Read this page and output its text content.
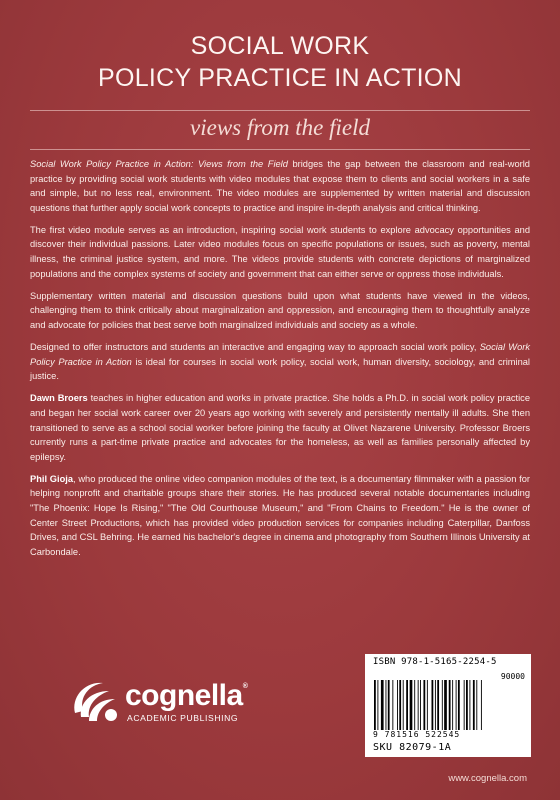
SOCIAL WORK
POLICY PRACTICE IN ACTION
views from the field

Social Work Policy Practice in Action: Views from the Field bridges the gap between the classroom and real-world practice by providing social work students with video modules that expose them to clients and social workers in a safe and simple, but no less real, environment. The video modules are supplemented by written material and discussion questions that further apply social work concepts to practice and inspire in-depth analysis and critical thinking.

The first video module serves as an introduction, inspiring social work students to explore advocacy opportunities and discover their individual passions. Later video modules focus on specific populations or issues, such as poverty, mental illness, the criminal justice system, and more. The videos provide students with concrete depictions of marginalized populations and the complex systems of society and government that can either serve or oppress those individuals.

Supplementary written material and discussion questions build upon what students have viewed in the videos, challenging them to think critically about marginalization and oppression, and encouraging them to thoughtfully analyze and advocate for policies that best serve both marginalized individuals and society as a whole.

Designed to offer instructors and students an interactive and engaging way to approach social work policy, Social Work Policy Practice in Action is ideal for courses in social work policy, social work, human diversity, sociology, and criminal justice.

Dawn Broers teaches in higher education and works in private practice. She holds a Ph.D. in social work policy practice and began her social work career over 20 years ago working with severely and persistently mentally ill adults. She then transitioned to serve as a school social worker before joining the faculty at Olivet Nazarene University. Professor Broers currently runs a part-time private practice and advocates for the homeless, as well as families personally affected by epilepsy.

Phil Gioja, who produced the online video companion modules of the text, is a documentary filmmaker with a passion for helping nonprofit and charitable groups share their stories. He has produced several notable documentaries including "The Phoenix: Hope Is Rising," "The Old Courthouse Museum," and "From Chains to Freedom." He is the owner of Center Street Productions, which has provided video production services for companies including Caterpillar, Danfoss Drives, and CSL Behring. He earned his bachelor's degree in cinema and photography from Southern Illinois University at Carbondale.

cognella®
ACADEMIC PUBLISHING
ISBN 978-1-5165-2254-5
90000
9 781516 522545
SKU 82079-1A
www.cognella.com
